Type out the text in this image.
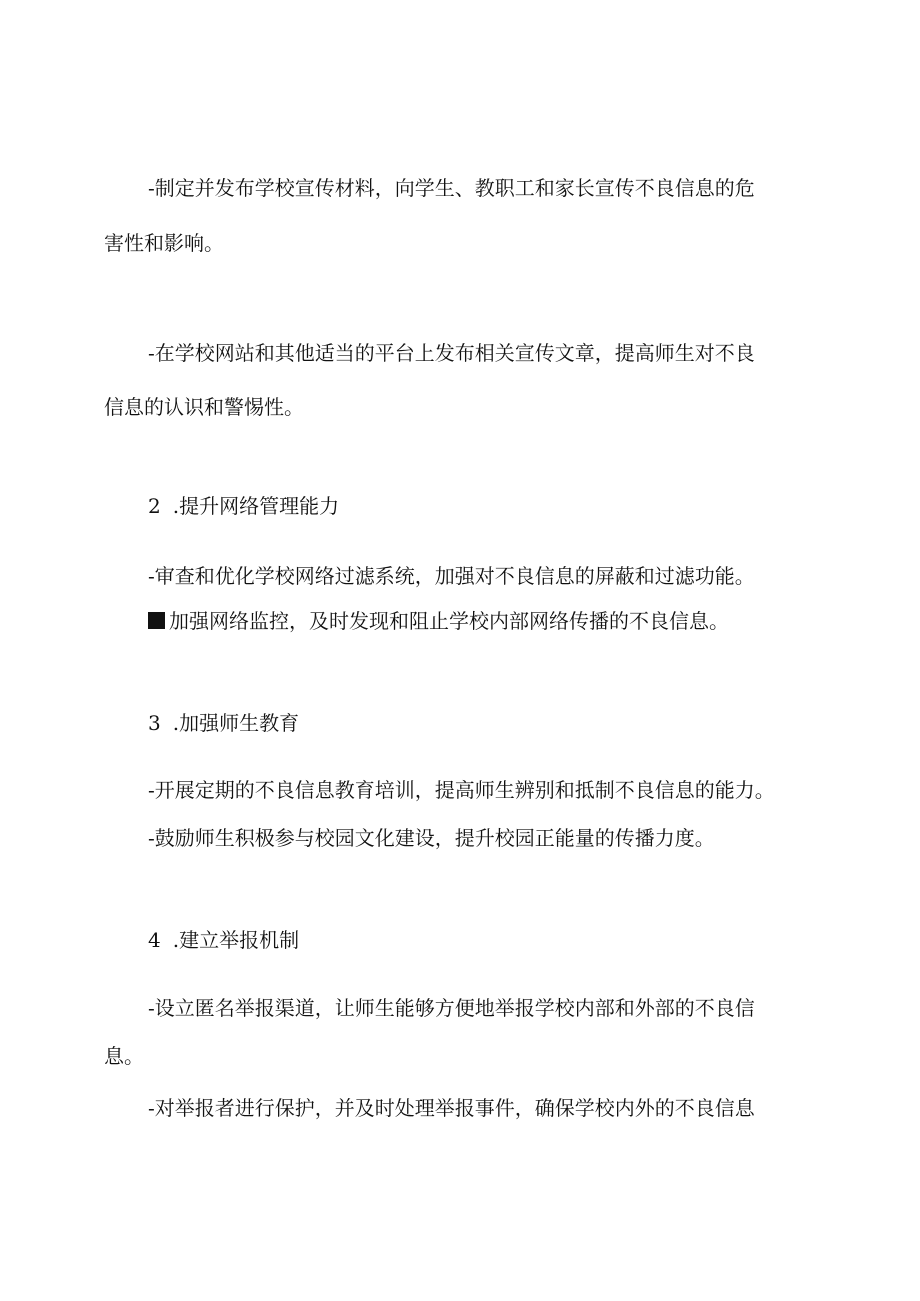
-制定并发布学校宣传材料，向学生、教职工和家长宣传不良信息的危
害性和影响。
-在学校网站和其他适当的平台上发布相关宣传文章，提高师生对不良
信息的认识和警惕性。
2 .提升网络管理能力
-审查和优化学校网络过滤系统，加强对不良信息的屏蔽和过滤功能。
加强网络监控，及时发现和阻止学校内部网络传播的不良信息。
3 .加强师生教育
-开展定期的不良信息教育培训，提高师生辨别和抵制不良信息的能力。
-鼓励师生积极参与校园文化建设，提升校园正能量的传播力度。
4 .建立举报机制
-设立匿名举报渠道，让师生能够方便地举报学校内部和外部的不良信
息。
-对举报者进行保护，并及时处理举报事件，确保学校内外的不良信息
